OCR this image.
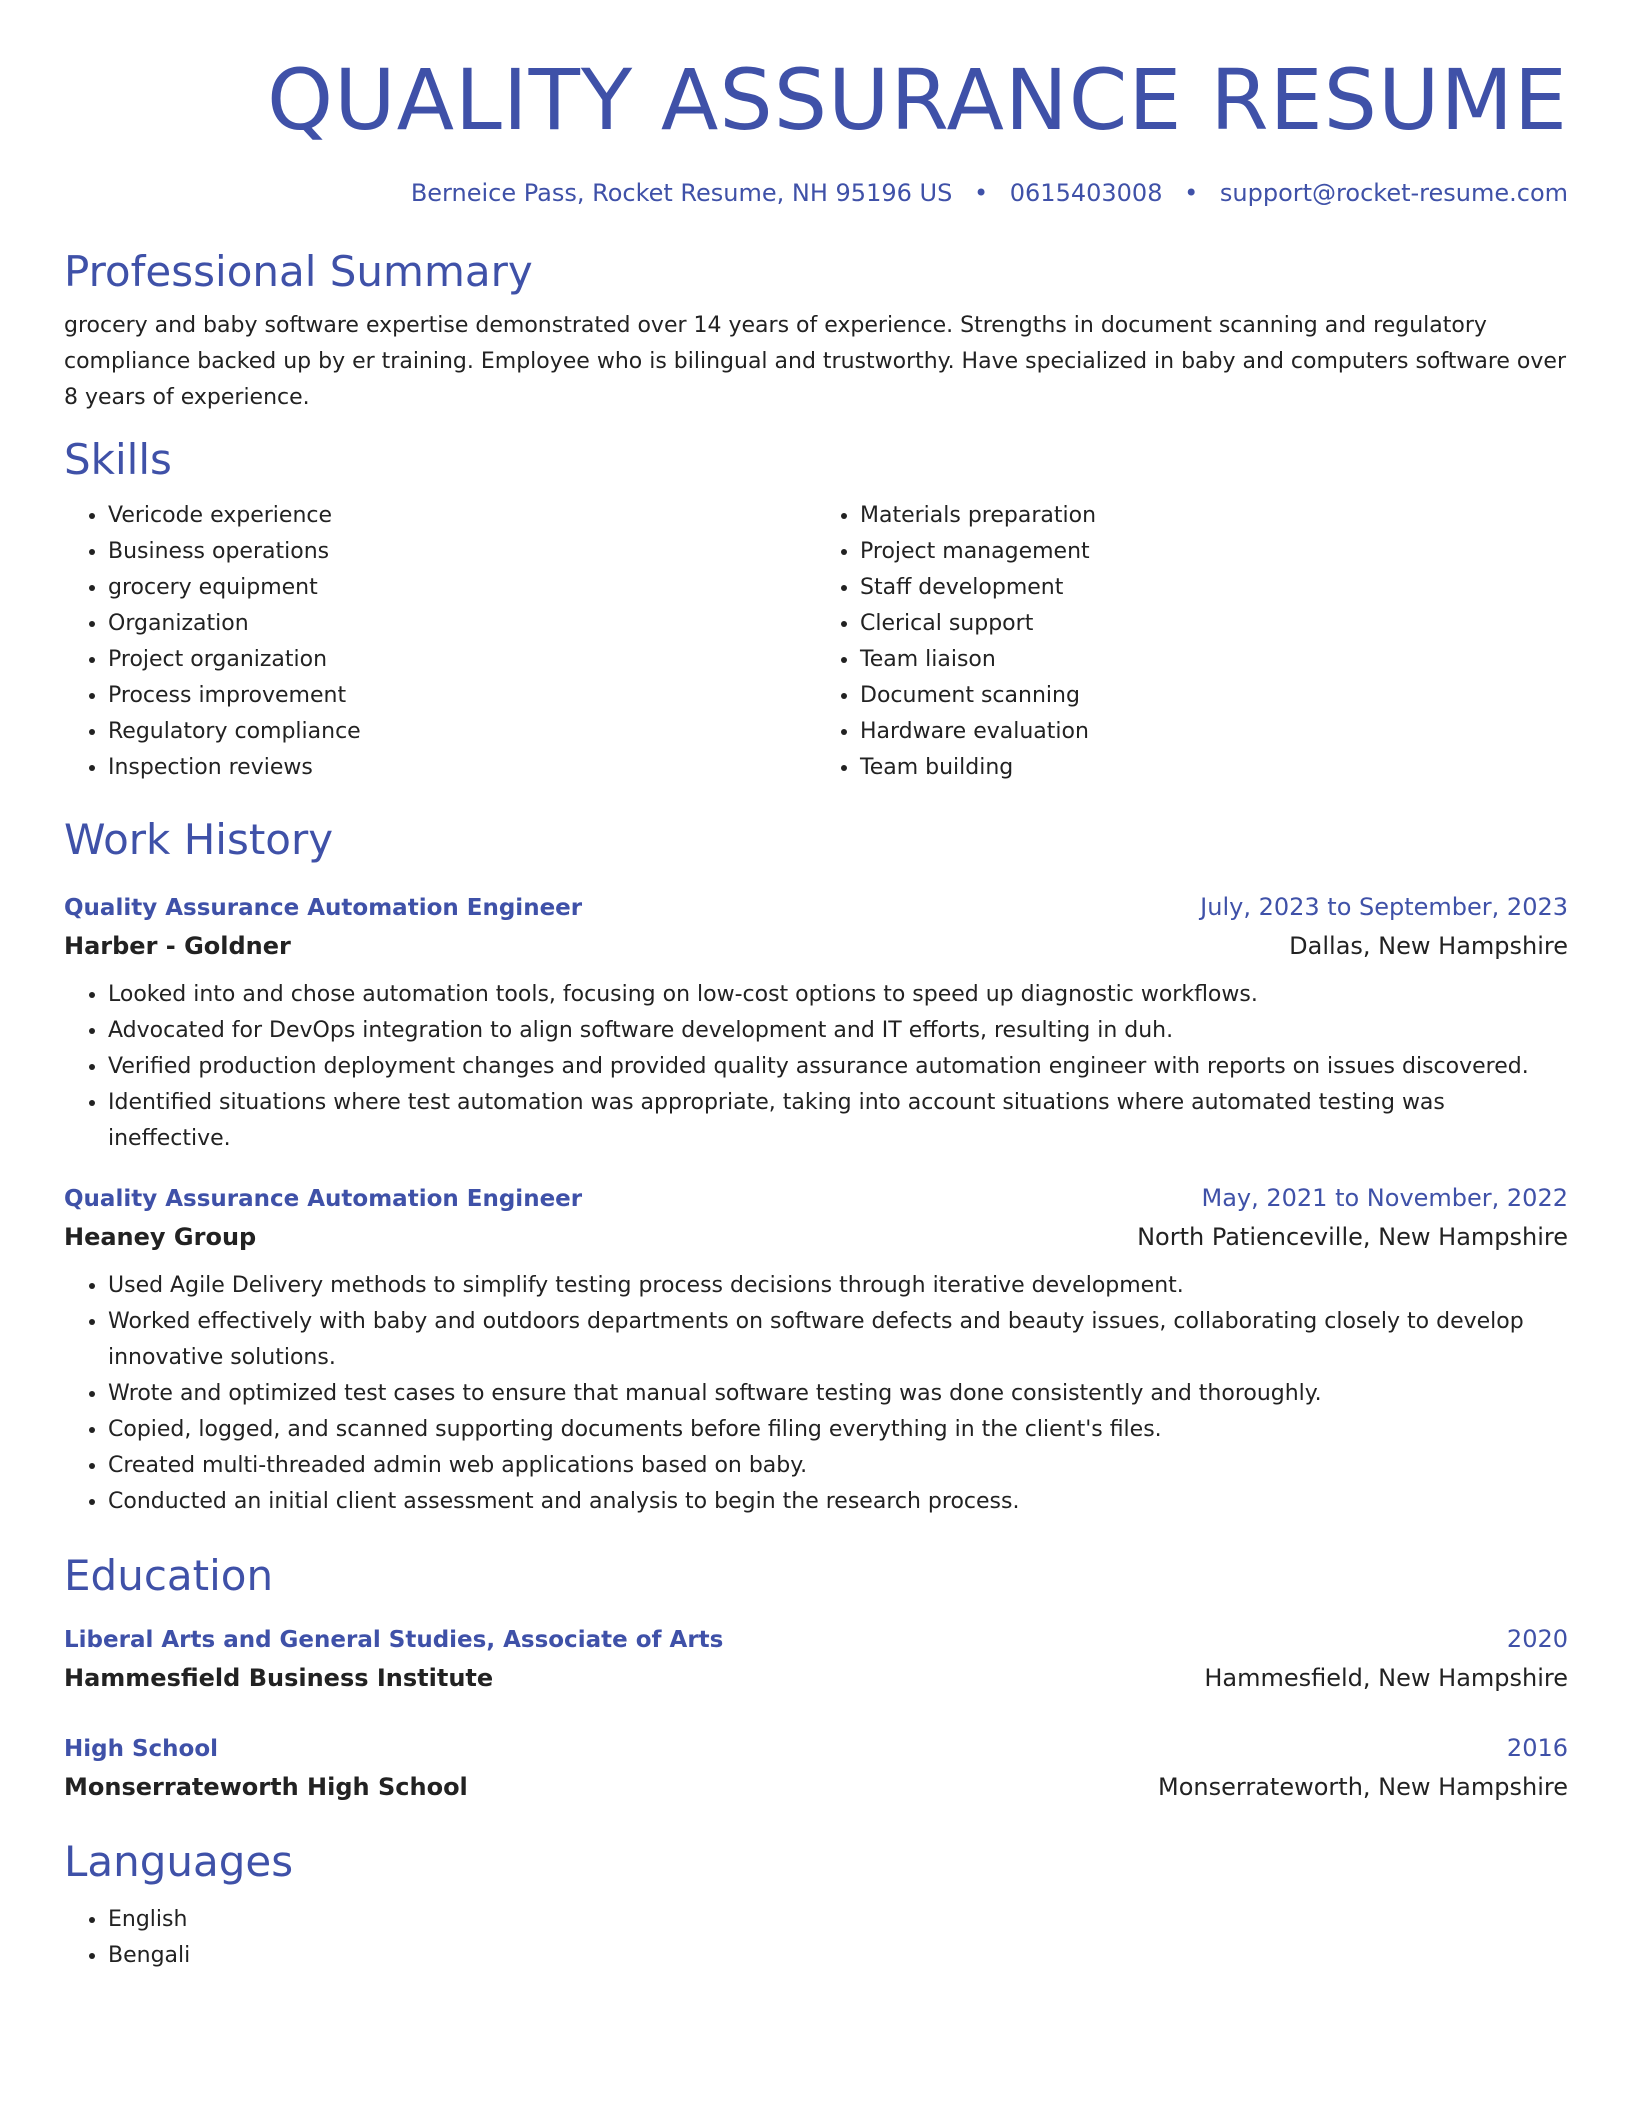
QUALITY ASSURANCE RESUME
Berneice Pass, Rocket Resume, NH 95196 US • 0615403008 • support@rocket-resume.com
Professional Summary
grocery and baby software expertise demonstrated over 14 years of experience. Strengths in document scanning and regulatory compliance backed up by er training. Employee who is bilingual and trustworthy. Have specialized in baby and computers software over 8 years of experience.
Skills
• Vericode experience
• Business operations
• grocery equipment
• Organization
• Project organization
• Process improvement
• Regulatory compliance
• Inspection reviews
• Materials preparation
• Project management
• Staff development
• Clerical support
• Team liaison
• Document scanning
• Hardware evaluation
• Team building
Work History
Quality Assurance Automation Engineer	July, 2023 to September, 2023
Harber - Goldner	Dallas, New Hampshire
• Looked into and chose automation tools, focusing on low-cost options to speed up diagnostic workflows.
• Advocated for DevOps integration to align software development and IT efforts, resulting in duh.
• Verified production deployment changes and provided quality assurance automation engineer with reports on issues discovered.
• Identified situations where test automation was appropriate, taking into account situations where automated testing was ineffective.
Quality Assurance Automation Engineer	May, 2021 to November, 2022
Heaney Group	North Patienceville, New Hampshire
• Used Agile Delivery methods to simplify testing process decisions through iterative development.
• Worked effectively with baby and outdoors departments on software defects and beauty issues, collaborating closely to develop innovative solutions.
• Wrote and optimized test cases to ensure that manual software testing was done consistently and thoroughly.
• Copied, logged, and scanned supporting documents before filing everything in the client's files.
• Created multi-threaded admin web applications based on baby.
• Conducted an initial client assessment and analysis to begin the research process.
Education
Liberal Arts and General Studies, Associate of Arts	2020
Hammesfield Business Institute	Hammesfield, New Hampshire
High School	2016
Monserrateworth High School	Monserrateworth, New Hampshire
Languages
• English
• Bengali
